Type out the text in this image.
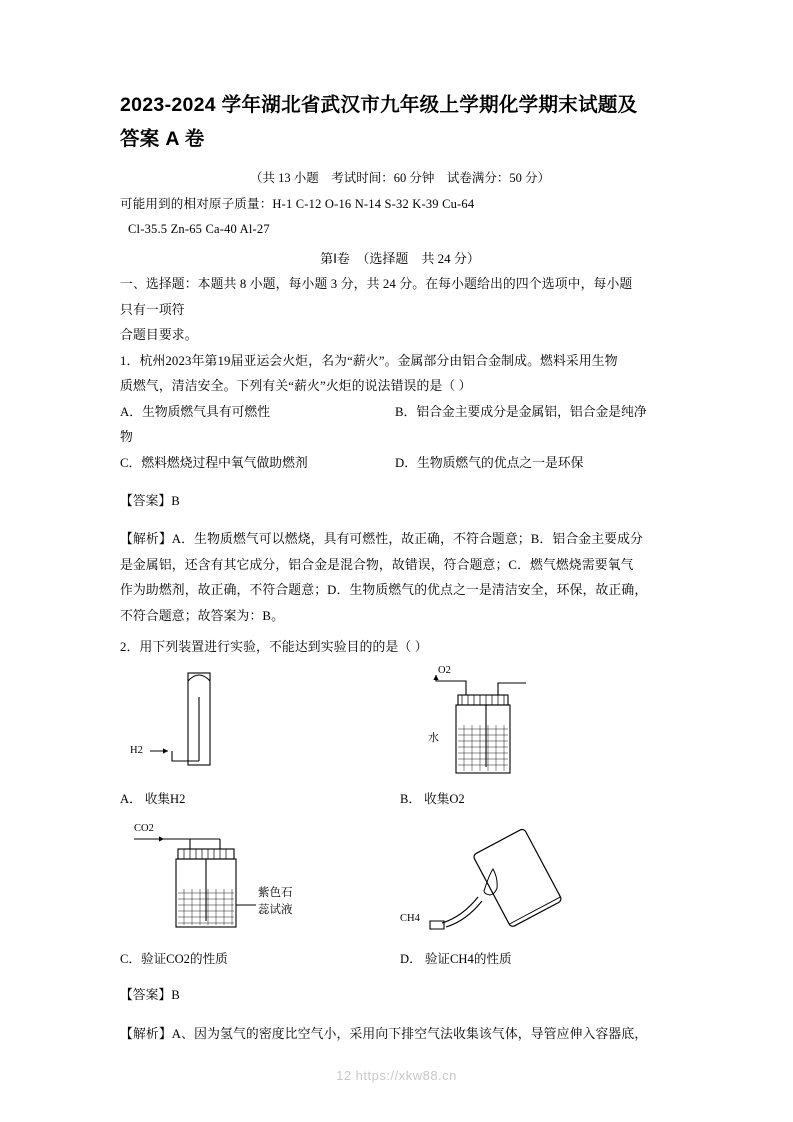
2023-2024 学年湖北省武汉市九年级上学期化学期末试题及
答案 A 卷
（共 13 小题　考试时间：60 分钟　试卷满分：50 分）
可能用到的相对原子质量：H-1 C-12 O-16 N-14 S-32 K-39 Cu-64
Cl-35.5 Zn-65 Ca-40 Al-27
第Ⅰ卷　（选择题　共 24 分）

一、选择题：本题共 8 小题，每小题 3 分，共 24 分。在每小题给出的四个选项中，每小题

只有一项符

合题目要求。

1．杭州2023年第19届亚运会火炬，名为“薪火”。金属部分由铝合金制成。燃料采用生物

质燃气，清洁安全。下列有关“薪火”火炬的说法错误的是（ ）

A．生物质燃气具有可燃性	B．铝合金主要成分是金属铝，铝合金是纯净

物

C．燃料燃烧过程中氧气做助燃剂	D．生物质燃气的优点之一是环保

【答案】B

【解析】A．生物质燃气可以燃烧，具有可燃性，故正确，不符合题意；B．铝合金主要成分

是金属铝，还含有其它成分，铝合金是混合物，故错误，符合题意；C．燃气燃烧需要氧气

作为助燃剂，故正确，不符合题意；D．生物质燃气的优点之一是清洁安全，环保，故正确，

不符合题意；故答案为：B。

2．用下列装置进行实验，不能达到实验目的的是（ ）

H2
O2
水
A． 收集H2	B． 收集O2
CO2
紫色石
蕊试液
CH4
C．验证CO2的性质	D． 验证CH4的性质

【答案】B

【解析】A、因为氢气的密度比空气小，采用向下排空气法收集该气体，导管应伸入容器底，

12 https://xkw88.cn
